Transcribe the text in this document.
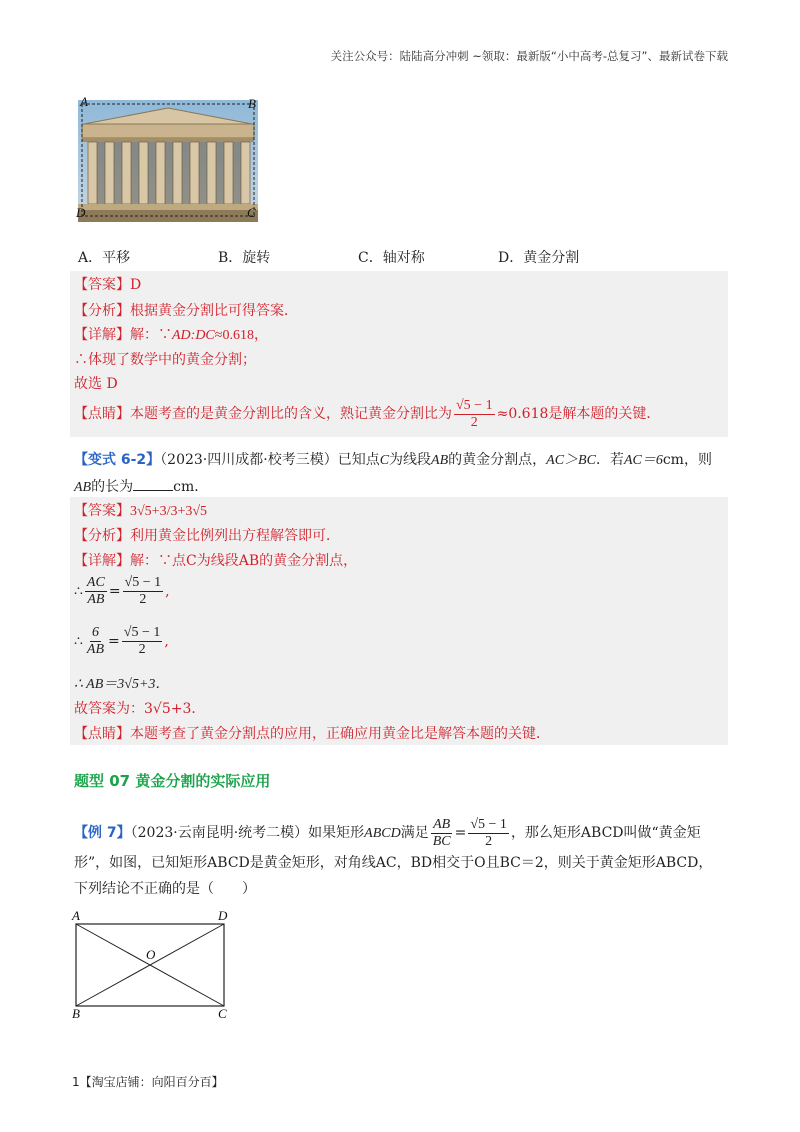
关注公众号：陆陆高分冲刺 ~领取：最新版“小中高考-总复习”、最新试卷下载
A	B
D	C
A．平移	B．旋转	C．轴对称	D．黄金分割
【答案】D
【分析】根据黄金分割比可得答案．
【详解】解：∵AD:DC≈0.618，
∴体现了数学中的黄金分割；
故选 D
【点睛】本题考查的是黄金分割比的含义，熟记黄金分割比为 $\frac{√5 - 1}{2} \approx 0.618$是解本题的关键．
【变式 6-2】（2023·四川成都·校考三模）已知点C为线段AB的黄金分割点，AC＞BC．若AC＝6cm，则
AB的长为	cm．
【答案】3√5+3/3+3√5
【分析】利用黄金比例列出方程解答即可．
【详解】解：∵点C为线段AB的黄金分割点，
∴ $\frac{AC}{AB} = \frac{√5 - 1}{2}$ ,
∴ $\frac{6}{AB} = \frac{√5 - 1}{2}$ ,
∴ AB＝3√5+3．
故答案为：3√5+3．
【点睛】本题考查了黄金分割点的应用，正确应用黄金比是解答本题的关键．
题型 07 黄金分割的实际应用
【例 7】（2023·云南昆明·统考二模）如果矩形ABCD满足 $\frac{AB}{BC} = \frac{√5 - 1}{2}$ ，那么矩形ABCD叫做“黄金矩
形”，如图，已知矩形ABCD是黄金矩形，对角线AC，BD相交于O且BC＝2，则关于黄金矩形ABCD，
下列结论不正确的是（　　）
A	D
O
B	C
1【淘宝店铺：向阳百分百】
